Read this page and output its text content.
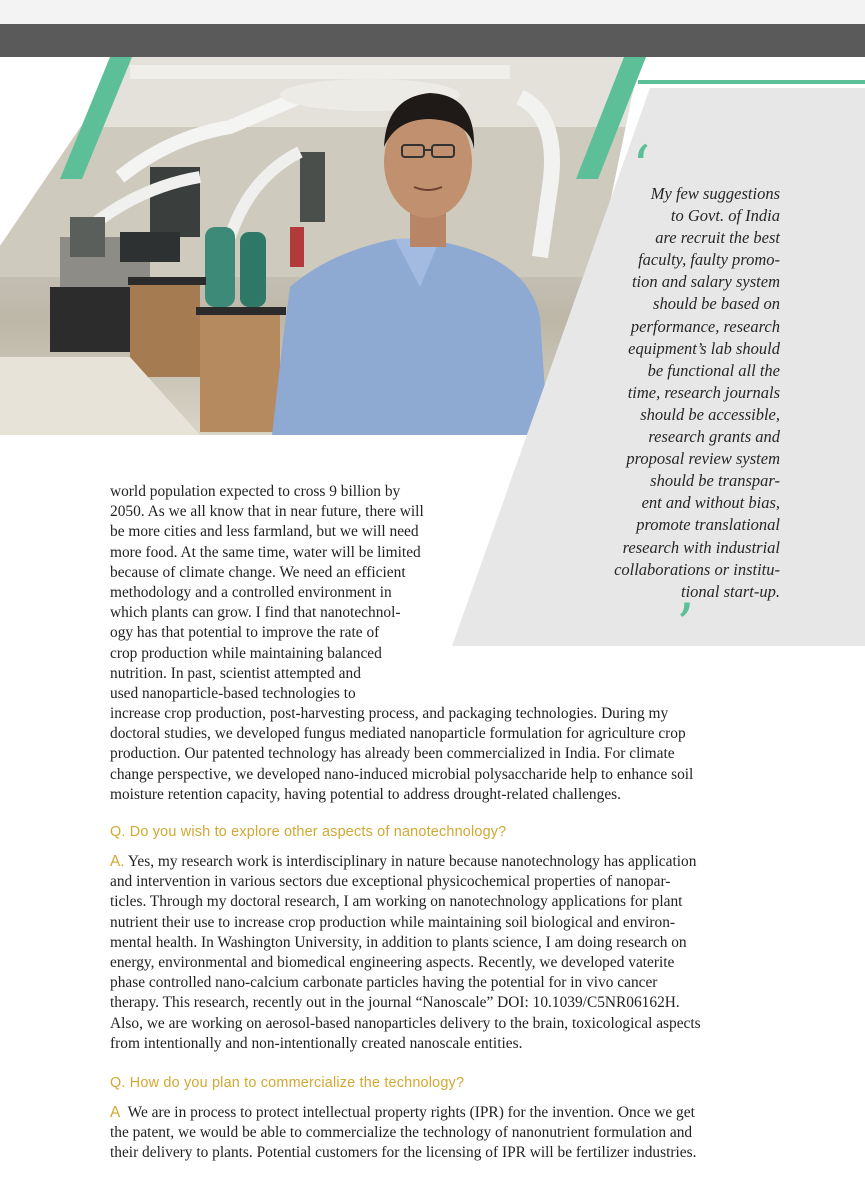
‘
’
My few suggestions
to Govt. of India
are recruit the best
faculty, faulty promo-
tion and salary system
should be based on
performance, research
equipment’s lab should
be functional all the
time, research journals
should be accessible,
research grants and
proposal review system
should be transpar-
ent and without bias,
promote translational
research with industrial
collaborations or institu-
tional start-up.
world population expected to cross 9 billion by
2050. As we all know that in near future, there will
be more cities and less farmland, but we will need
more food. At the same time, water will be limited
because of climate change. We need an efficient
methodology and a controlled environment in
which plants can grow. I find that nanotechnol-
ogy has that potential to improve the rate of
crop production while maintaining balanced
nutrition. In past, scientist attempted and
used nanoparticle-based technologies to
increase crop production, post-harvesting process, and packaging technologies. During my
doctoral studies, we developed fungus mediated nanoparticle formulation for agriculture crop
production. Our patented technology has already been commercialized in India. For climate
change perspective, we developed nano-induced microbial polysaccharide help to enhance soil
moisture retention capacity, having potential to address drought-related challenges.
Q. Do you wish to explore other aspects of nanotechnology?
A. Yes, my research work is interdisciplinary in nature because nanotechnology has application
and intervention in various sectors due exceptional physicochemical properties of nanopar-
ticles. Through my doctoral research, I am working on nanotechnology applications for plant
nutrient their use to increase crop production while maintaining soil biological and environ-
mental health. In Washington University, in addition to plants science, I am doing research on
energy, environmental and biomedical engineering aspects. Recently, we developed vaterite
phase controlled nano-calcium carbonate particles having the potential for in vivo cancer
therapy. This research, recently out in the journal “Nanoscale” DOI: 10.1039/C5NR06162H.
Also, we are working on aerosol-based nanoparticles delivery to the brain, toxicological aspects
from intentionally and non-intentionally created nanoscale entities.
Q. How do you plan to commercialize the technology?
A  We are in process to protect intellectual property rights (IPR) for the invention. Once we get
the patent, we would be able to commercialize the technology of nanonutrient formulation and
their delivery to plants. Potential customers for the licensing of IPR will be fertilizer industries.
